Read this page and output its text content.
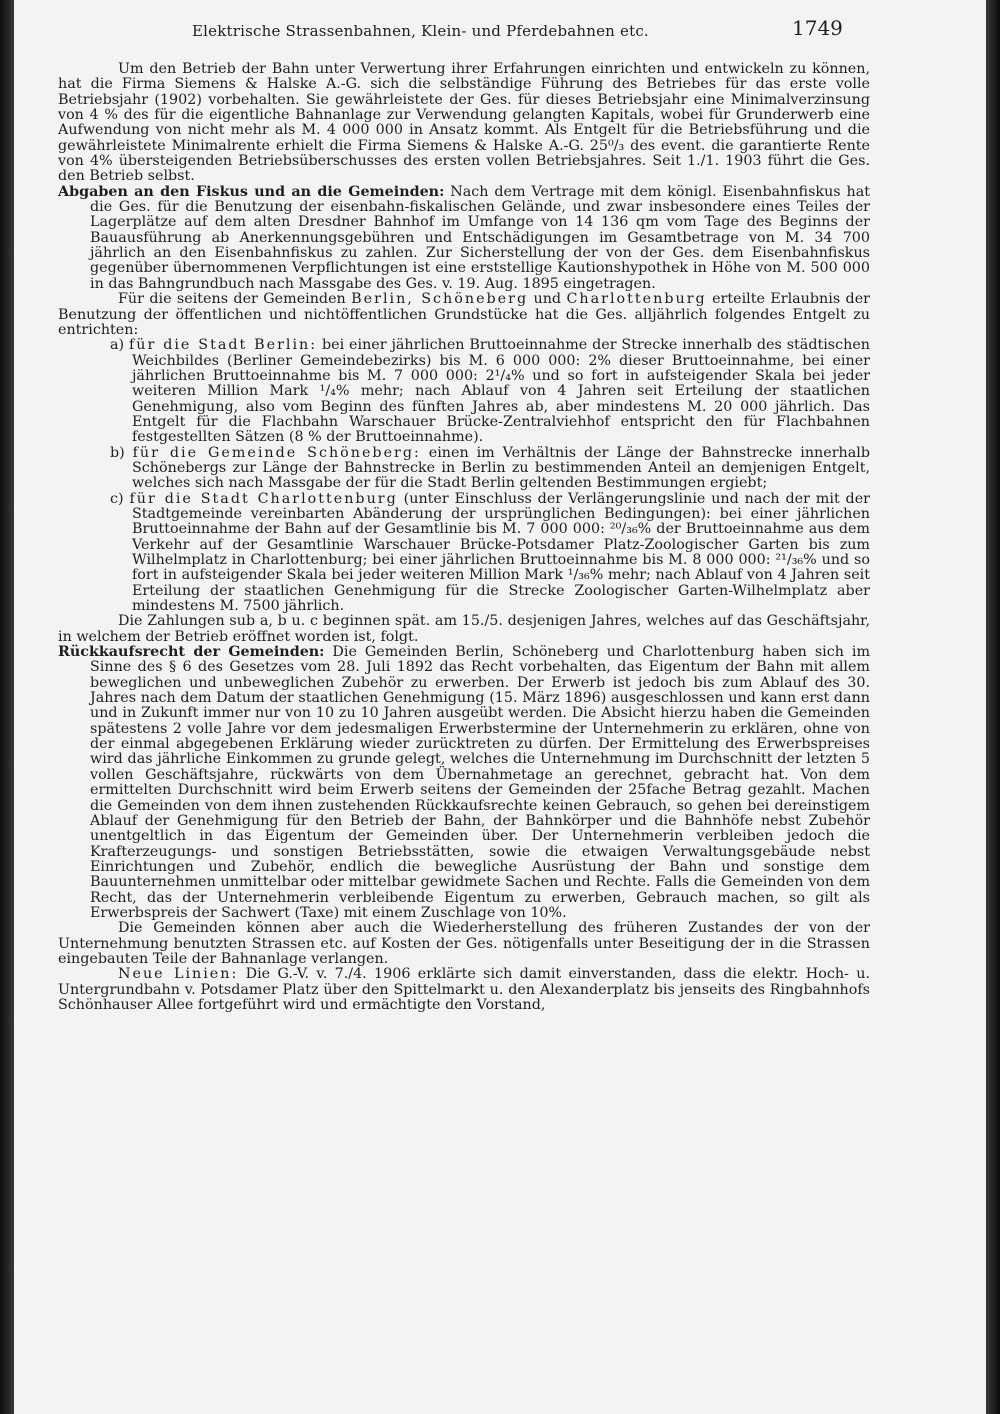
Elektrische Strassenbahnen, Klein- und Pferdebahnen etc.	1749

Um den Betrieb der Bahn unter Verwertung ihrer Erfahrungen einrichten und entwickeln zu können, hat die Firma Siemens & Halske A.-G. sich die selbständige Führung des Betriebes für das erste volle Betriebsjahr (1902) vorbehalten. Sie gewährleistete der Ges. für dieses Betriebsjahr eine Minimalverzinsung von 4 % des für die eigentliche Bahnanlage zur Verwendung gelangten Kapitals, wobei für Grunderwerb eine Aufwendung von nicht mehr als M. 4 000 000 in Ansatz kommt. Als Entgelt für die Betriebsführung und die gewährleistete Minimalrente erhielt die Firma Siemens & Halske A.-G. 25⁰/₃ des event. die garantierte Rente von 4% übersteigenden Betriebsüberschusses des ersten vollen Betriebsjahres. Seit 1./1. 1903 führt die Ges. den Betrieb selbst.

Abgaben an den Fiskus und an die Gemeinden: Nach dem Vertrage mit dem königl. Eisenbahnfiskus hat die Ges. für die Benutzung der eisenbahn-fiskalischen Gelände, und zwar insbesondere eines Teiles der Lagerplätze auf dem alten Dresdner Bahnhof im Umfange von 14 136 qm vom Tage des Beginns der Bauausführung ab Anerkennungsgebühren und Entschädigungen im Gesamtbetrage von M. 34 700 jährlich an den Eisenbahnfiskus zu zahlen. Zur Sicherstellung der von der Ges. dem Eisenbahnfiskus gegenüber übernommenen Verpflichtungen ist eine erststellige Kautionshypothek in Höhe von M. 500 000 in das Bahngrundbuch nach Massgabe des Ges. v. 19. Aug. 1895 eingetragen.

Für die seitens der Gemeinden Berlin, Schöneberg und Charlottenburg erteilte Erlaubnis der Benutzung der öffentlichen und nichtöffentlichen Grundstücke hat die Ges. alljährlich folgendes Entgelt zu entrichten:

a) für die Stadt Berlin: bei einer jährlichen Bruttoeinnahme der Strecke innerhalb des städtischen Weichbildes (Berliner Gemeindebezirks) bis M. 6 000 000: 2% dieser Bruttoeinnahme, bei einer jährlichen Bruttoeinnahme bis M. 7 000 000: 2¹/₄% und so fort in aufsteigender Skala bei jeder weiteren Million Mark ¹/₄% mehr; nach Ablauf von 4 Jahren seit Erteilung der staatlichen Genehmigung, also vom Beginn des fünften Jahres ab, aber mindestens M. 20 000 jährlich. Das Entgelt für die Flachbahn Warschauer Brücke-Zentralviehhof entspricht den für Flachbahnen festgestellten Sätzen (8 % der Bruttoeinnahme).

b) für die Gemeinde Schöneberg: einen im Verhältnis der Länge der Bahnstrecke innerhalb Schönebergs zur Länge der Bahnstrecke in Berlin zu bestimmenden Anteil an demjenigen Entgelt, welches sich nach Massgabe der für die Stadt Berlin geltenden Bestimmungen ergiebt;

c) für die Stadt Charlottenburg (unter Einschluss der Verlängerungslinie und nach der mit der Stadtgemeinde vereinbarten Abänderung der ursprünglichen Bedingungen): bei einer jährlichen Bruttoeinnahme der Bahn auf der Gesamtlinie bis M. 7 000 000: ²⁰/₃₆% der Bruttoeinnahme aus dem Verkehr auf der Gesamtlinie Warschauer Brücke-Potsdamer Platz-Zoologischer Garten bis zum Wilhelmplatz in Charlottenburg; bei einer jährlichen Bruttoeinnahme bis M. 8 000 000: ²¹/₃₆% und so fort in aufsteigender Skala bei jeder weiteren Million Mark ¹/₃₆% mehr; nach Ablauf von 4 Jahren seit Erteilung der staatlichen Genehmigung für die Strecke Zoologischer Garten-Wilhelmplatz aber mindestens M. 7500 jährlich.

Die Zahlungen sub a, b u. c beginnen spät. am 15./5. desjenigen Jahres, welches auf das Geschäftsjahr, in welchem der Betrieb eröffnet worden ist, folgt.

Rückkaufsrecht der Gemeinden: Die Gemeinden Berlin, Schöneberg und Charlottenburg haben sich im Sinne des § 6 des Gesetzes vom 28. Juli 1892 das Recht vorbehalten, das Eigentum der Bahn mit allem beweglichen und unbeweglichen Zubehör zu erwerben. Der Erwerb ist jedoch bis zum Ablauf des 30. Jahres nach dem Datum der staatlichen Genehmigung (15. März 1896) ausgeschlossen und kann erst dann und in Zukunft immer nur von 10 zu 10 Jahren ausgeübt werden. Die Absicht hierzu haben die Gemeinden spätestens 2 volle Jahre vor dem jedesmaligen Erwerbstermine der Unternehmerin zu erklären, ohne von der einmal abgegebenen Erklärung wieder zurücktreten zu dürfen. Der Ermittelung des Erwerbspreises wird das jährliche Einkommen zu grunde gelegt, welches die Unternehmung im Durchschnitt der letzten 5 vollen Geschäftsjahre, rückwärts von dem Übernahmetage an gerechnet, gebracht hat. Von dem ermittelten Durchschnitt wird beim Erwerb seitens der Gemeinden der 25fache Betrag gezahlt. Machen die Gemeinden von dem ihnen zustehenden Rückkaufsrechte keinen Gebrauch, so gehen bei dereinstigem Ablauf der Genehmigung für den Betrieb der Bahn, der Bahnkörper und die Bahnhöfe nebst Zubehör unentgeltlich in das Eigentum der Gemeinden über. Der Unternehmerin verbleiben jedoch die Krafterzeugungs- und sonstigen Betriebsstätten, sowie die etwaigen Verwaltungsgebäude nebst Einrichtungen und Zubehör, endlich die bewegliche Ausrüstung der Bahn und sonstige dem Bauunternehmen unmittelbar oder mittelbar gewidmete Sachen und Rechte. Falls die Gemeinden von dem Recht, das der Unternehmerin verbleibende Eigentum zu erwerben, Gebrauch machen, so gilt als Erwerbspreis der Sachwert (Taxe) mit einem Zuschlage von 10%.

Die Gemeinden können aber auch die Wiederherstellung des früheren Zustandes der von der Unternehmung benutzten Strassen etc. auf Kosten der Ges. nötigenfalls unter Beseitigung der in die Strassen eingebauten Teile der Bahnanlage verlangen.

Neue Linien: Die G.-V. v. 7./4. 1906 erklärte sich damit einverstanden, dass die elektr. Hoch- u. Untergrundbahn v. Potsdamer Platz über den Spittelmarkt u. den Alexanderplatz bis jenseits des Ringbahnhofs Schönhauser Allee fortgeführt wird und ermächtigte den Vorstand,
